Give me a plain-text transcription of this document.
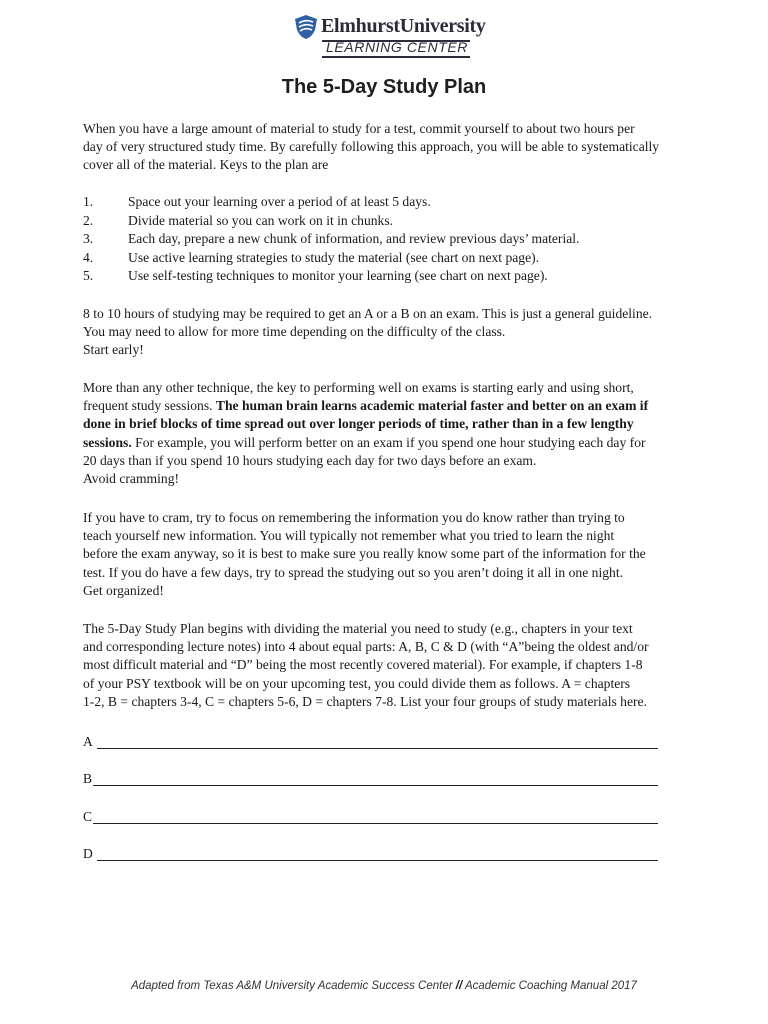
ElmhurstUniversity
LEARNING CENTER
The 5-Day Study Plan

When you have a large amount of material to study for a test, commit yourself to about two hours per
day of very structured study time. By carefully following this approach, you will be able to systematically
cover all of the material. Keys to the plan are

1.	Space out your learning over a period of at least 5 days.
2.	Divide material so you can work on it in chunks.
3.	Each day, prepare a new chunk of information, and review previous days’ material.
4.	Use active learning strategies to study the material (see chart on next page).
5.	Use self-testing techniques to monitor your learning (see chart on next page).

8 to 10 hours of studying may be required to get an A or a B on an exam. This is just a general guideline.
You may need to allow for more time depending on the difficulty of the class.
Start early!

More than any other technique, the key to performing well on exams is starting early and using short,
frequent study sessions. The human brain learns academic material faster and better on an exam if
done in brief blocks of time spread out over longer periods of time, rather than in a few lengthy
sessions. For example, you will perform better on an exam if you spend one hour studying each day for
20 days than if you spend 10 hours studying each day for two days before an exam.
Avoid cramming!

If you have to cram, try to focus on remembering the information you do know rather than trying to
teach yourself new information. You will typically not remember what you tried to learn the night
before the exam anyway, so it is best to make sure you really know some part of the information for the
test. If you do have a few days, try to spread the studying out so you aren’t doing it all in one night.
Get organized!

The 5-Day Study Plan begins with dividing the material you need to study (e.g., chapters in your text
and corresponding lecture notes) into 4 about equal parts: A, B, C & D (with “A”being the oldest and/or
most difficult material and “D” being the most recently covered material). For example, if chapters 1-8
of your PSY textbook will be on your upcoming test, you could divide them as follows. A = chapters
1-2, B = chapters 3-4, C = chapters 5-6, D = chapters 7-8. List your four groups of study materials here.

A
B
C
D
Adapted from Texas A&M University Academic Success Center // Academic Coaching Manual 2017
